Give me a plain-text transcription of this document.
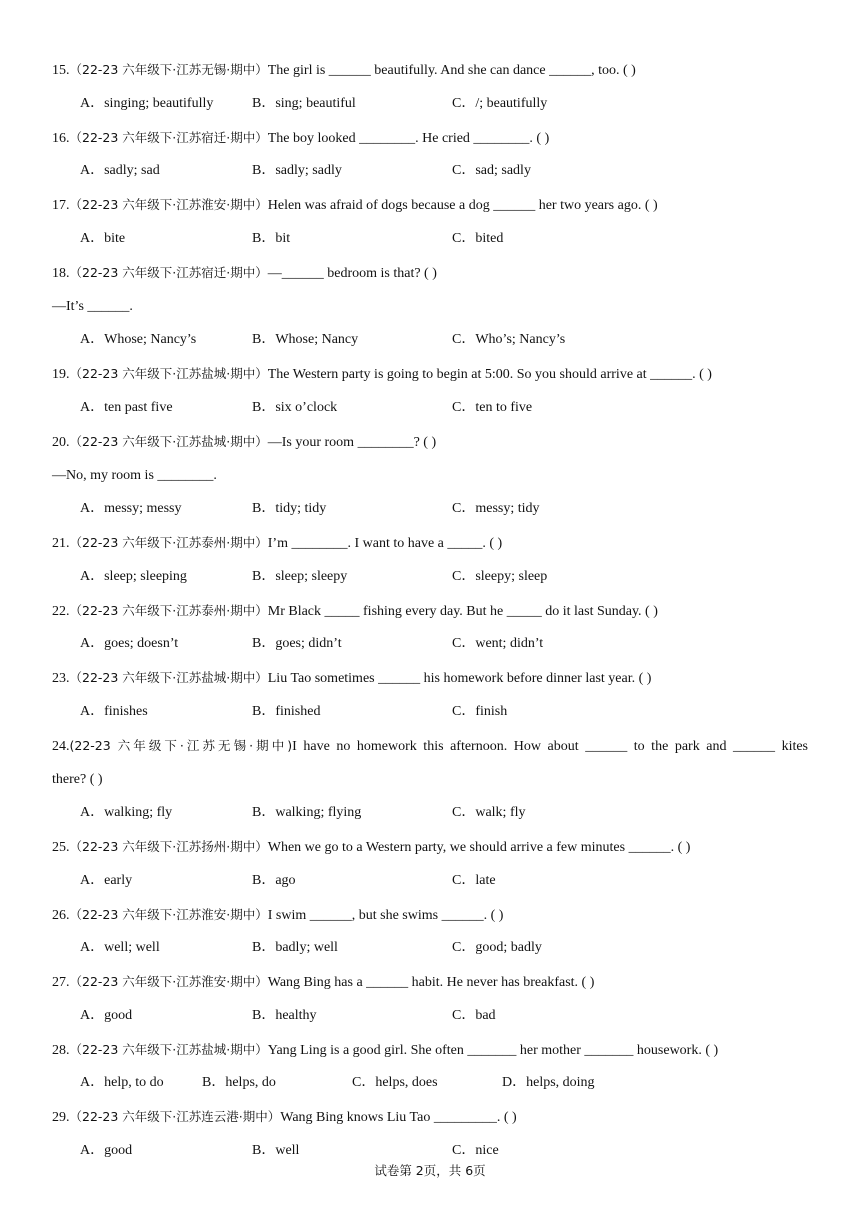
15.（22-23 六年级下·江苏无锡·期中）The girl is ______ beautifully. And she can dance ______, too. ( )
A．singing; beautifully	B．sing; beautiful	C．/; beautifully
16.（22-23 六年级下·江苏宿迁·期中）The boy looked ________. He cried ________. ( )
A．sadly; sad	B．sadly; sadly	C．sad; sadly
17.（22-23 六年级下·江苏淮安·期中）Helen was afraid of dogs because a dog ______ her two years ago. ( )
A．bite	B．bit	C．bited
18.（22-23 六年级下·江苏宿迁·期中）—______ bedroom is that? ( )
—It’s ______.
A．Whose; Nancy’s	B．Whose; Nancy	C．Who’s; Nancy’s
19.（22-23 六年级下·江苏盐城·期中）The Western party is going to begin at 5:00. So you should arrive at ______. ( )
A．ten past five	B．six o’clock	C．ten to five
20.（22-23 六年级下·江苏盐城·期中）—Is your room ________? ( )
—No, my room is ________.
A．messy; messy	B．tidy; tidy	C．messy; tidy
21.（22-23 六年级下·江苏泰州·期中）I’m ________. I want to have a _____. ( )
A．sleep; sleeping	B．sleep; sleepy	C．sleepy; sleep
22.（22-23 六年级下·江苏泰州·期中）Mr Black _____ fishing every day. But he _____ do it last Sunday. ( )
A．goes; doesn’t	B．goes; didn’t	C．went; didn’t
23.（22-23 六年级下·江苏盐城·期中）Liu Tao sometimes ______ his homework before dinner last year. ( )
A．finishes	B．finished	C．finish
24.(22-23 六年级下·江苏无锡·期中)I have no homework this afternoon. How about ______ to the park and ______ kites
there? ( )
A．walking; fly	B．walking; flying	C．walk; fly
25.（22-23 六年级下·江苏扬州·期中）When we go to a Western party, we should arrive a few minutes ______. ( )
A．early	B．ago	C．late
26.（22-23 六年级下·江苏淮安·期中）I swim ______, but she swims ______. ( )
A．well; well	B．badly; well	C．good; badly
27.（22-23 六年级下·江苏淮安·期中）Wang Bing has a ______ habit. He never has breakfast. ( )
A．good	B．healthy	C．bad
28.（22-23 六年级下·江苏盐城·期中）Yang Ling is a good girl. She often _______ her mother _______ housework. ( )
A．help, to do	B．helps, do	C．helps, does	D．helps, doing
29.（22-23 六年级下·江苏连云港·期中）Wang Bing knows Liu Tao _________. ( )
A．good	B．well	C．nice
试卷第 2页，共 6页
